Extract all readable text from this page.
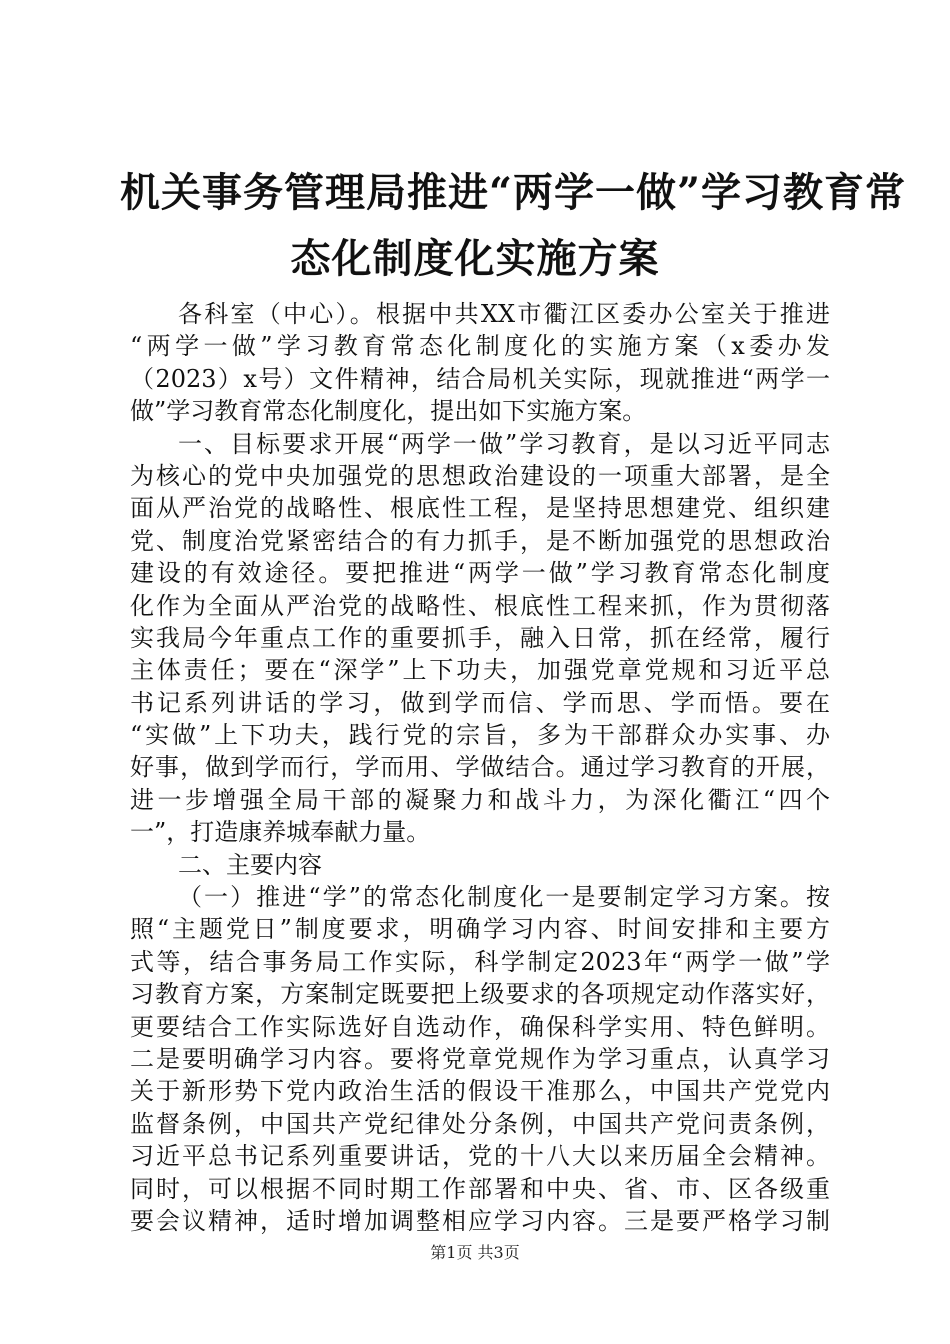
机关事务管理局推进“两学一做”学习教育常
态化制度化实施方案
各科室（中心）。根据中共XX市衢江区委办公室关于推进
“两学一做”学习教育常态化制度化的实施方案（x委办发
（2023）x号）文件精神，结合局机关实际，现就推进“两学一
做”学习教育常态化制度化，提出如下实施方案。
一、目标要求开展“两学一做”学习教育，是以习近平同志
为核心的党中央加强党的思想政治建设的一项重大部署，是全
面从严治党的战略性、根底性工程，是坚持思想建党、组织建
党、制度治党紧密结合的有力抓手，是不断加强党的思想政治
建设的有效途径。要把推进“两学一做”学习教育常态化制度
化作为全面从严治党的战略性、根底性工程来抓，作为贯彻落
实我局今年重点工作的重要抓手，融入日常，抓在经常，履行
主体责任；要在“深学”上下功夫，加强党章党规和习近平总
书记系列讲话的学习，做到学而信、学而思、学而悟。要在
“实做”上下功夫，践行党的宗旨，多为干部群众办实事、办
好事，做到学而行，学而用、学做结合。通过学习教育的开展，
进一步增强全局干部的凝聚力和战斗力，为深化衢江“四个
一”，打造康养城奉献力量。
二、主要内容
（一）推进“学”的常态化制度化一是要制定学习方案。按
照“主题党日”制度要求，明确学习内容、时间安排和主要方
式等，结合事务局工作实际，科学制定2023年“两学一做”学
习教育方案，方案制定既要把上级要求的各项规定动作落实好，
更要结合工作实际选好自选动作，确保科学实用、特色鲜明。
二是要明确学习内容。要将党章党规作为学习重点，认真学习
关于新形势下党内政治生活的假设干准那么，中国共产党党内
监督条例，中国共产党纪律处分条例，中国共产党问责条例，
习近平总书记系列重要讲话，党的十八大以来历届全会精神。
同时，可以根据不同时期工作部署和中央、省、市、区各级重
要会议精神，适时增加调整相应学习内容。三是要严格学习制
第1页 共3页
